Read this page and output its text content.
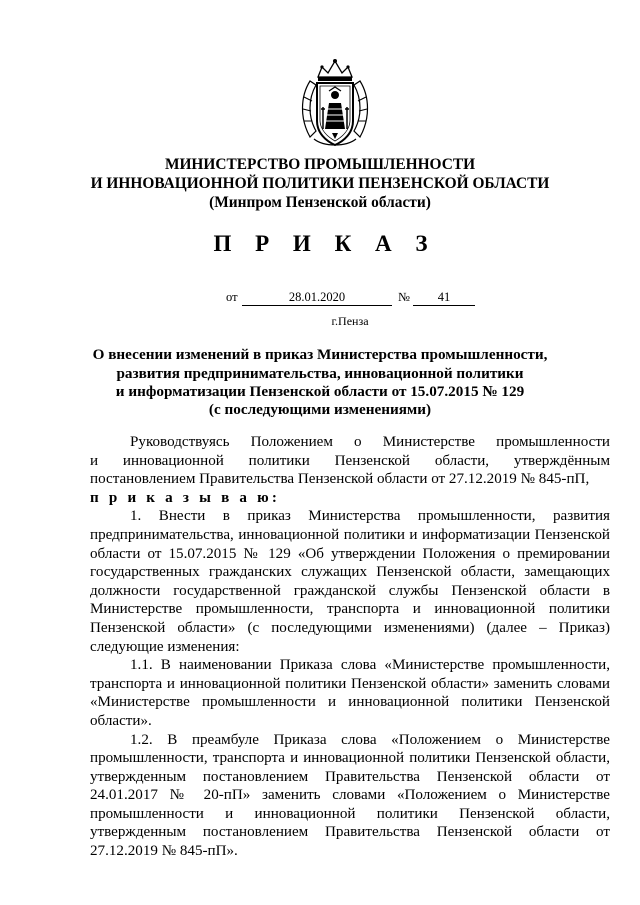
МИНИСТЕРСТВО ПРОМЫШЛЕННОСТИ
И ИННОВАЦИОННОЙ ПОЛИТИКИ ПЕНЗЕНСКОЙ ОБЛАСТИ
(Минпром Пензенской области)
П Р И К А З
от	28.01.2020	№	41
г.Пенза
О внесении изменений в приказ Министерства промышленности,
развития предпринимательства, инновационной политики
и информатизации Пензенской области от 15.07.2015 № 129
(с последующими изменениями)
Руководствуясь Положением о Министерстве промышленности
и инновационной политики Пензенской области, утверждённым
постановлением Правительства Пензенской области от 27.12.2019 № 845-пП,
п р и к а з ы в а ю:
1. Внести в приказ Министерства промышленности, развития
предпринимательства, инновационной политики и информатизации Пензенской
области от 15.07.2015 № 129 «Об утверждении Положения о премировании
государственных гражданских служащих Пензенской области, замещающих
должности государственной гражданской службы Пензенской области в
Министерстве промышленности, транспорта и инновационной политики
Пензенской области» (с последующими изменениями) (далее – Приказ)
следующие изменения:
1.1. В наименовании Приказа слова «Министерстве промышленности,
транспорта и инновационной политики Пензенской области» заменить словами
«Министерстве промышленности и инновационной политики Пензенской
области».
1.2. В преамбуле Приказа слова «Положением о Министерстве
промышленности, транспорта и инновационной политики Пензенской области,
утвержденным постановлением Правительства Пензенской области от
24.01.2017 № 20-пП» заменить словами «Положением о Министерстве
промышленности и инновационной политики Пензенской области,
утвержденным постановлением Правительства Пензенской области от
27.12.2019 № 845-пП».
